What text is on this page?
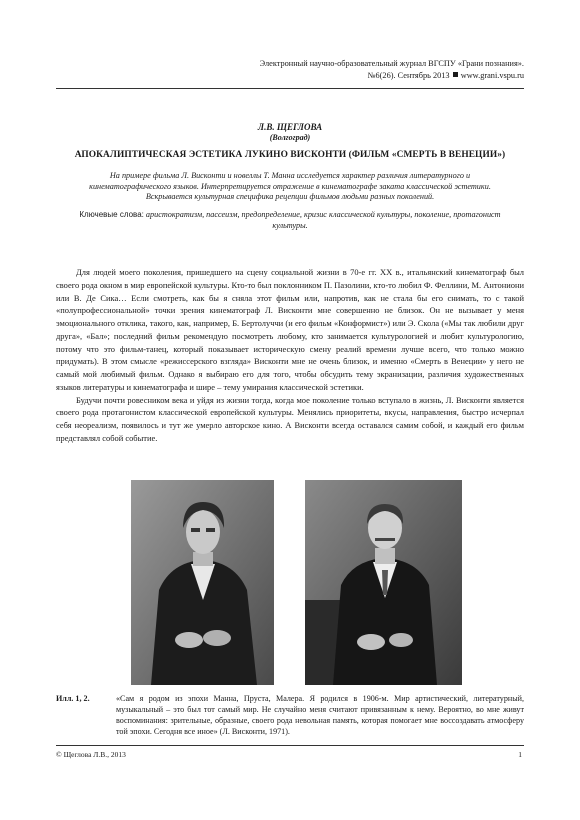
Электронный научно-образовательный журнал ВГСПУ «Грани познания».
№6(26). Сентябрь 2013 www.grani.vspu.ru
Л.В. ЩЕГЛОВА
(Волгоград)
АПОКАЛИПТИЧЕСКАЯ ЭСТЕТИКА ЛУКИНО ВИСКОНТИ (ФИЛЬМ «СМЕРТЬ В ВЕНЕЦИИ»)
На примере фильма Л. Висконти и новеллы Т. Манна исследуется характер различия литературного и кинематографического языков. Интерпретируется отражение в кинематографе заката классической эстетики. Вскрывается культурная специфика рецепции фильмов людьми разных поколений.
Ключевые слова: аристократизм, пассеизм, предопределение, кризис классической культуры, поколение, протагонист культуры.

Для людей моего поколения, пришедшего на сцену социальной жизни в 70-е гг. XX в., итальянский кинематограф был своего рода окном в мир европейской культуры. Кто-то был поклонником П. Пазолини, кто-то любил Ф. Феллини, М. Антониони или В. Де Сика… Если смотреть, как бы я сняла этот фильм или, напротив, как не стала бы его снимать, то с такой «полупрофессиональной» точки зрения кинематограф Л. Висконти мне совершенно не близок. Он не вызывает у меня эмоционального отклика, такого, как, например, Б. Бертолуччи (и его фильм «Конформист») или Э. Скола («Мы так любили друг друга», «Бал»; последний фильм рекомендую посмотреть любому, кто занимается культурологией и любит культурологию, потому что это фильм-танец, который показывает историческую смену реалий времени лучше всего, что только можно придумать). В этом смысле «режиссерского взгляда» Висконти мне не очень близок, и именно «Смерть в Венеции» у него не самый мой любимый фильм. Однако я выбираю его для того, чтобы обсудить тему экранизации, различия художественных языков литературы и кинематографа и шире – тему умирания классической эстетики.

Будучи почти ровесником века и уйдя из жизни тогда, когда мое поколение только вступало в жизнь, Л. Висконти является своего рода протагонистом классической европейской культуры. Менялись приоритеты, вкусы, направления, быстро исчерпал себя неореализм, появилось и тут же умерло авторское кино. А Висконти всегда оставался самим собой, и каждый его фильм представлял собой событие.

Илл. 1, 2.	«Сам я родом из эпохи Манна, Пруста, Малера. Я родился в 1906-м. Мир артистический, литературный, музыкальный – это был тот самый мир. Не случайно меня считают привязанным к нему. Вероятно, во мне живут воспоминания: зрительные, образные, своего рода невольная память, которая помогает мне воссоздавать атмосферу той эпохи. Сегодня все иное» (Л. Висконти, 1971).
© Щеглова Л.В., 2013	1
